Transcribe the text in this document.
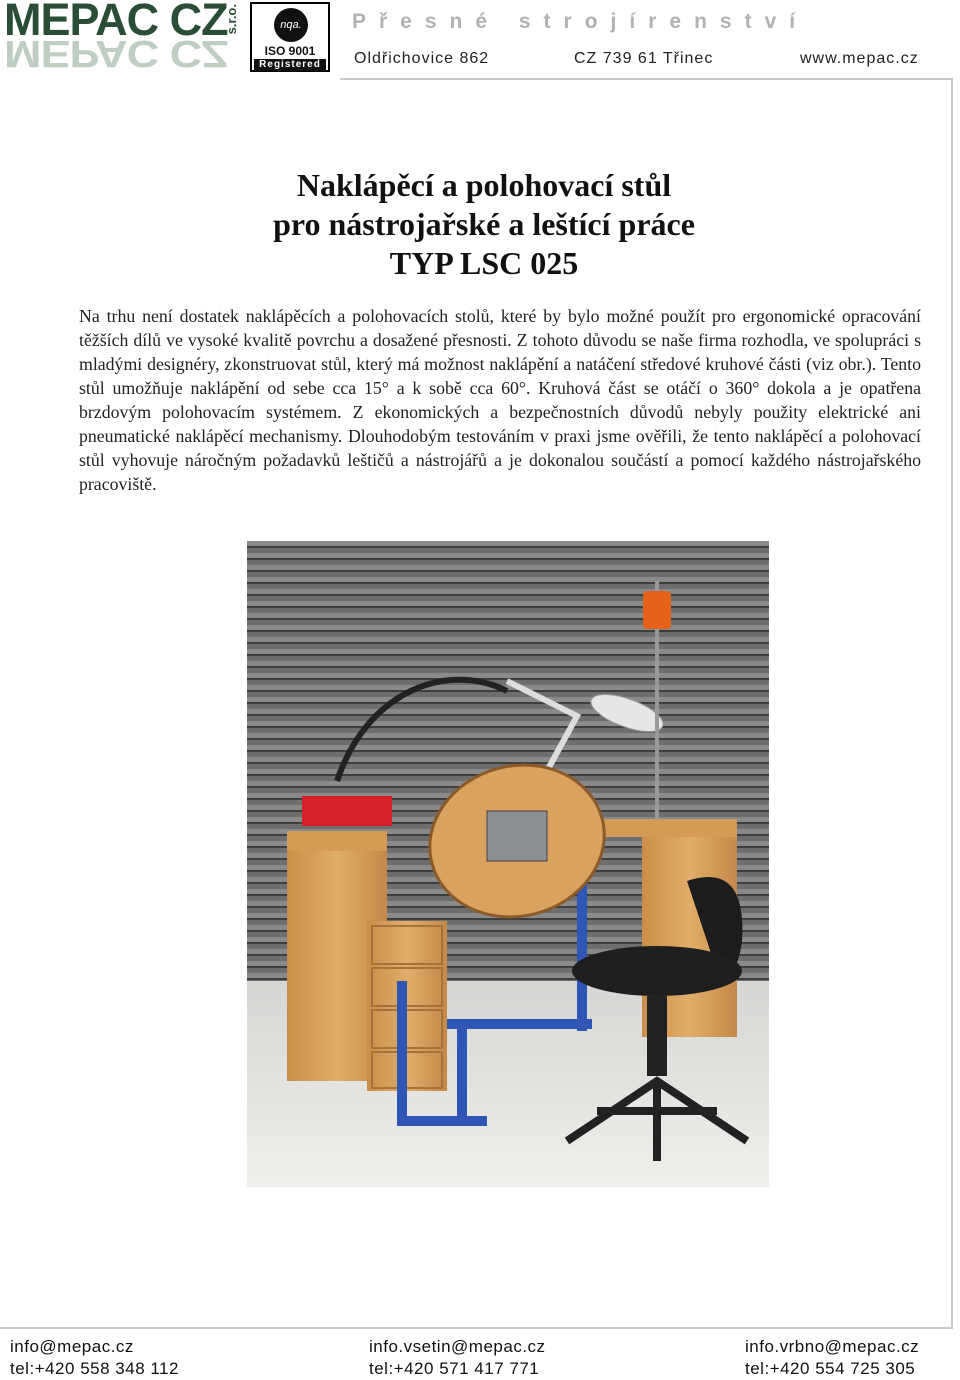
MEPAC CZ
MEPAC CZ
s.r.o.	nqa.
ISO 9001
Registered
Přesné strojírenství
Oldřichovice 862	CZ 739 61 Třinec	www.mepac.cz
Naklápěcí a polohovací stůl
pro nástrojařské a leštící práce
TYP LSC 025
Na trhu není dostatek naklápěcích a polohovacích stolů, které by bylo možné použít pro ergonomické opracování těžších dílů ve vysoké kvalitě povrchu a dosažené přesnosti. Z tohoto důvodu se naše firma rozhodla, ve spolupráci s mladými designéry, zkonstruovat stůl, který má možnost naklápění a natáčení středové kruhové části (viz obr.). Tento stůl umožňuje naklápění od sebe cca 15° a k sobě cca 60°. Kruhová část se otáčí o 360° dokola a je opatřena brzdovým polohovacím systémem. Z ekonomických a bezpečnostních důvodů nebyly použity elektrické ani pneumatické naklápěcí mechanismy. Dlouhodobým testováním v praxi jsme ověřili, že tento naklápěcí a polohovací stůl vyhovuje náročným požadavků leštičů a nástrojářů a je dokonalou součástí a pomocí každého nástrojařského pracoviště.
info@mepac.cz
tel:+420 558 348 112
info.vsetin@mepac.cz
tel:+420 571 417 771
info.vrbno@mepac.cz
tel:+420 554 725 305
